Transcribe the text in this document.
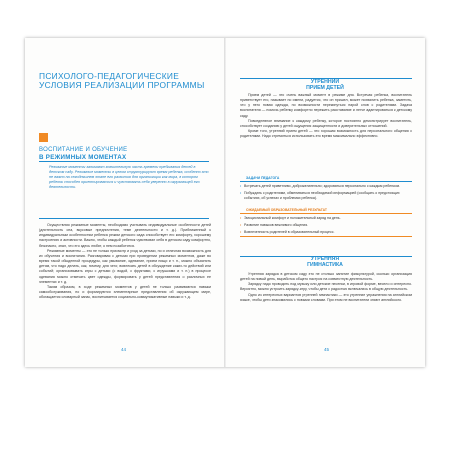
ПСИХОЛОГО-ПЕДАГОГИЧЕСКИЕ УСЛОВИЯ РЕАЛИЗАЦИИ ПРОГРАММЫ
ВОСПИТАНИЕ И ОБУЧЕНИЕ
В РЕЖИМНЫХ МОМЕНТАХ

Режимные моменты занимают значительную часть времени пребывания детей в детском саду. Режимные моменты в целом структурируют время ребенка, особенно это не важно на сегодняшнем этапе его развития для организации как мира, в котором ребенок способен ориентироваться и чувствовать себя уверенно в окружающей его деятельности.

Осуществляя режимные моменты, необходимо учитывать индивидуальные особенности детей (длительность сна, вкусовые предпочтения, темп деятельности и т. д.). Приближенный к индивидуальным особенностям ребенка режим детского сада способствует его комфорту, хорошему настроению и активности. Важно, чтобы каждый ребенок чувствовал себя в детском саду комфортно, безопасно, знал, что его здесь любят, о нем позаботятся.

Режимные моменты — это не только присмотр и уход за детьми, но и отличная возможность для их обучения и воспитания. Разговаривая с детьми при проведении режимных моментов, даже во время такой обыденной процедуры, как умывание, одевание, прием пищи и т. п., можно объяснять детям, что надо делать, как, почему, для чего; вовлекать детей в обсуждение каких-то действий или событий; организовывать игры с детьми (с водой, с фруктами, с игрушками и т. п.) в процессе одевания можно отмечать цвет одежды, формировать у детей представления о различных ее элементах и т. д.

Таким образом, в ходе режимных моментов у детей не только развиваются навыки самообслуживания, но и формируются элементарные представления об окружающем мире, обогащается словарный запас, воспитывается социально-коммуникативные навыки и т. д.

44
УТРЕННИЙ
ПРИЕМ ДЕТЕЙ

Прием детей — это очень важный момент в режиме дня. Встречая ребенка, воспитатель приветствует его, называет по имени, радуется, что он пришел, может похвалить ребенка, заметить, что у него новая одежда, по возможности перекинуться парой слов с родителями. Задача воспитателя — помочь ребенку комфортно пережить расставание и легче адаптироваться к детскому саду.

Повседневное внимание к каждому ребенку, которое постоянно демонстрирует воспитатель, способствует созданию у детей ощущения защищенности и доверительных отношений.

Кроме того, утренний прием детей — это хорошая возможность для персонального общения с родителями. Надо стремиться использовать это время максимально эффективно.

ЗАДАЧИ ПЕДАГОГА
• Встречать детей приветливо, доброжелательно; здороваться персонально с каждым ребенком.
• Побуждать с родителями, обмениваться необходимой информацией (сообщать о предстоящих событиях, об успехах и проблемах ребенка).
ОЖИДАЕМЫЙ ОБРАЗОВАТЕЛЬНЫЙ РЕЗУЛЬТАТ
• Эмоциональный комфорт и положительный заряд на день.
• Развитие навыков вежливого общения.
• Вовлеченность родителей в образовательный процесс.
УТРЕННЯЯ
ГИМНАСТИКА

Утренняя зарядка в детском саду это не столько занятие физкультурой, сколько организация детей на новый день, выработка общего настроя на совместную деятельность.

Зарядку надо проводить под музыку или детские песенки, в игровой форме, весело и интересно. Вероятно, можно устроить зарядку-игру, чтобы дети с радостью включались в общую деятельность.

Одно из интересных вариантов утренней гимнастики — это утренние упражнения на английском языке, чтобы дети знакомились с новыми словами. При этом не воспитатели знают английского.

45
